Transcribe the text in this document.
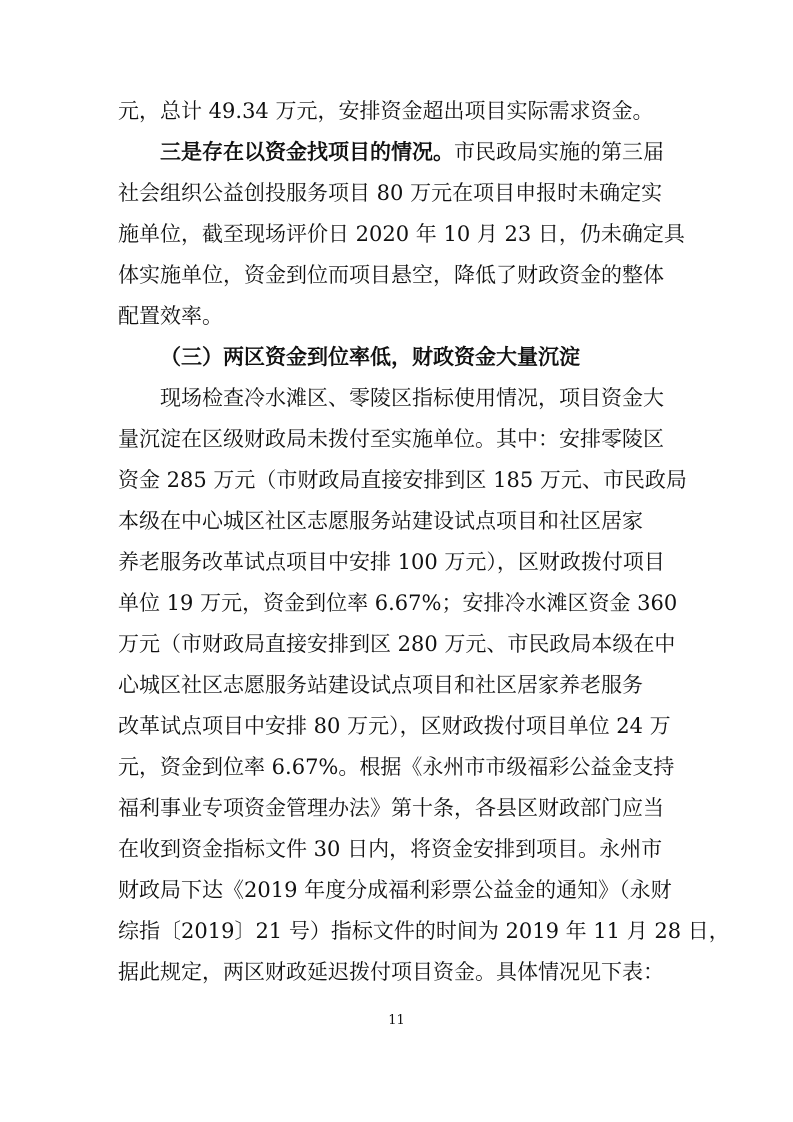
元，总计 49.34 万元，安排资金超出项目实际需求资金。
三是存在以资金找项目的情况。市民政局实施的第三届
社会组织公益创投服务项目 80 万元在项目申报时未确定实
施单位，截至现场评价日 2020 年 10 月 23 日，仍未确定具
体实施单位，资金到位而项目悬空，降低了财政资金的整体
配置效率。
（三）两区资金到位率低，财政资金大量沉淀
现场检查冷水滩区、零陵区指标使用情况，项目资金大
量沉淀在区级财政局未拨付至实施单位。其中：安排零陵区
资金 285 万元（市财政局直接安排到区 185 万元、市民政局
本级在中心城区社区志愿服务站建设试点项目和社区居家
养老服务改革试点项目中安排 100 万元），区财政拨付项目
单位 19 万元，资金到位率 6.67%；安排冷水滩区资金 360
万元（市财政局直接安排到区 280 万元、市民政局本级在中
心城区社区志愿服务站建设试点项目和社区居家养老服务
改革试点项目中安排 80 万元），区财政拨付项目单位 24 万
元，资金到位率 6.67%。根据《永州市市级福彩公益金支持
福利事业专项资金管理办法》第十条，各县区财政部门应当
在收到资金指标文件 30 日内，将资金安排到项目。永州市
财政局下达《2019 年度分成福利彩票公益金的通知》（永财
综指〔2019〕21 号）指标文件的时间为 2019 年 11 月 28 日，
据此规定，两区财政延迟拨付项目资金。具体情况见下表：
11
